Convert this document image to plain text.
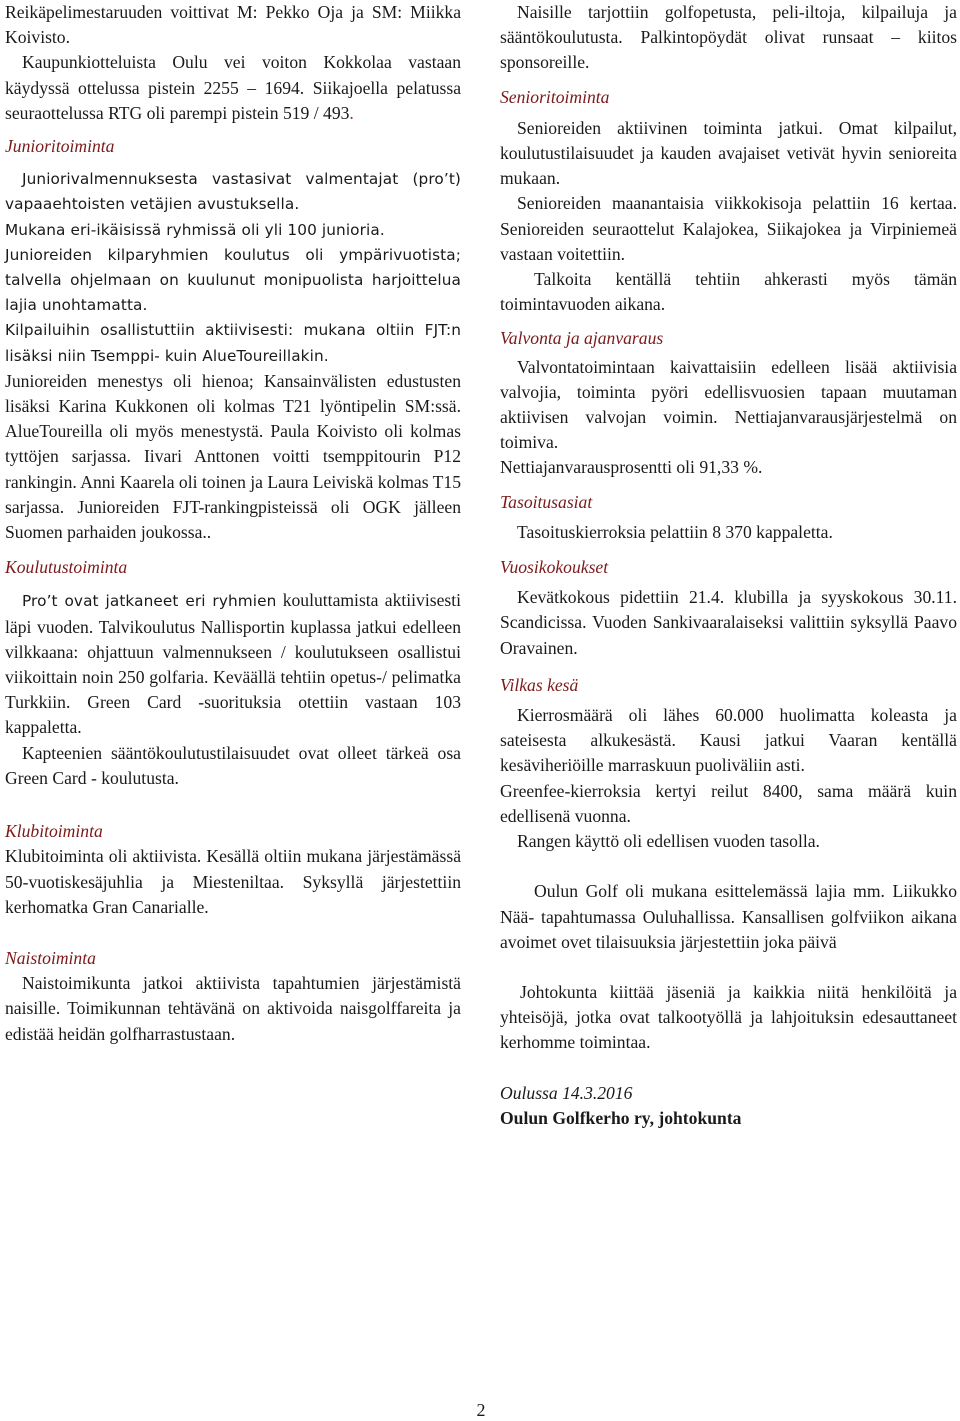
Reikäpelimestaruuden voittivat M: Pekko Oja ja SM: Miikka Koivisto.

Kaupunkiotteluista Oulu vei voiton Kokkolaa vastaan käydyssä ottelussa pistein 2255 – 1694. Siikajoella pelatussa seuraottelussa RTG oli parempi pistein 519 / 493.

Junioritoiminta

Juniorivalmennuksesta vastasivat valmentajat (pro’t) vapaaehtoisten vetäjien avustuksella.

Mukana eri-ikäisissä ryhmissä oli yli 100 junioria.

Junioreiden kilparyhmien koulutus oli ympärivuotista; talvella ohjelmaan on kuulunut monipuolista harjoittelua lajia unohtamatta.

Kilpailuihin osallistuttiin aktiivisesti: mukana oltiin FJT:n lisäksi niin Tsemppi- kuin AlueToureillakin.

Junioreiden menestys oli hienoa; Kansainvälisten edustusten lisäksi Karina Kukkonen oli kolmas T21 lyöntipelin SM:ssä. AlueToureilla oli myös menestystä. Paula Koivisto oli kolmas tyttöjen sarjassa. Iivari Anttonen voitti tsemppitourin P12 rankingin. Anni Kaarela oli toinen ja Laura Leiviskä kolmas T15 sarjassa. Junioreiden FJT-rankingpisteissä oli OGK jälleen Suomen parhaiden joukossa..

Koulutustoiminta

Pro’t ovat jatkaneet eri ryhmien kouluttamista aktiivisesti läpi vuoden. Talvikoulutus Nallisportin kuplassa jatkui edelleen vilkkaana: ohjattuun valmennukseen / koulutukseen osallistui viikoittain noin 250 golfaria. Keväällä tehtiin opetus-/ pelimatka Turkkiin. Green Card -suorituksia otettiin vastaan 103 kappaletta.

Kapteenien sääntökoulutustilaisuudet ovat olleet tärkeä osa Green Card - koulutusta.

Klubitoiminta

Klubitoiminta oli aktiivista. Kesällä oltiin mukana järjestämässä 50-vuotiskesäjuhlia ja Miesteniltaa. Syksyllä järjestettiin kerhomatka Gran Canarialle.

Naistoiminta

Naistoimikunta jatkoi aktiivista tapahtumien järjestämistä naisille. Toimikunnan tehtävänä on aktivoida naisgolffareita ja edistää heidän golfharrastustaan.

Naisille tarjottiin golfopetusta, peli-iltoja, kilpailuja ja sääntökoulutusta. Palkintopöydät olivat runsaat – kiitos sponsoreille.

Senioritoiminta

Senioreiden aktiivinen toiminta jatkui. Omat kilpailut, koulutustilaisuudet ja kauden avajaiset vetivät hyvin senioreita mukaan.

Senioreiden maanantaisia viikkokisoja pelattiin 16 kertaa. Senioreiden seuraottelut Kalajokea, Siikajokea ja Virpiniemeä vastaan voitettiin.

Talkoita kentällä tehtiin ahkerasti myös tämän toimintavuoden aikana.

Valvonta ja ajanvaraus

Valvontatoimintaan kaivattaisiin edelleen lisää aktiivisia valvojia, toiminta pyöri edellisvuosien tapaan muutaman aktiivisen valvojan voimin. Nettiajanvarausjärjestelmä on toimiva.

Nettiajanvarausprosentti oli 91,33 %.

Tasoitusasiat

Tasoituskierroksia pelattiin 8 370 kappaletta.

Vuosikokoukset

Kevätkokous pidettiin 21.4. klubilla ja syyskokous 30.11. Scandicissa. Vuoden Sankivaaralaiseksi valittiin syksyllä Paavo Oravainen.

Vilkas kesä

Kierrosmäärä oli lähes 60.000 huolimatta koleasta ja sateisesta alkukesästä. Kausi jatkui Vaaran kentällä kesäviheriöille marraskuun puoliväliin asti.

Greenfee-kierroksia kertyi reilut 8400, sama määrä kuin edellisenä vuonna.

Rangen käyttö oli edellisen vuoden tasolla.

Oulun Golf oli mukana esittelemässä lajia mm. Liikukko Nää- tapahtumassa Ouluhallissa. Kansallisen golfviikon aikana avoimet ovet tilaisuuksia järjestettiin joka päivä

Johtokunta kiittää jäseniä ja kaikkia niitä henkilöitä ja yhteisöjä, jotka ovat talkootyöllä ja lahjoituksin edesauttaneet kerhomme toimintaa.

Oulussa 14.3.2016

Oulun Golfkerho ry, johtokunta

2
